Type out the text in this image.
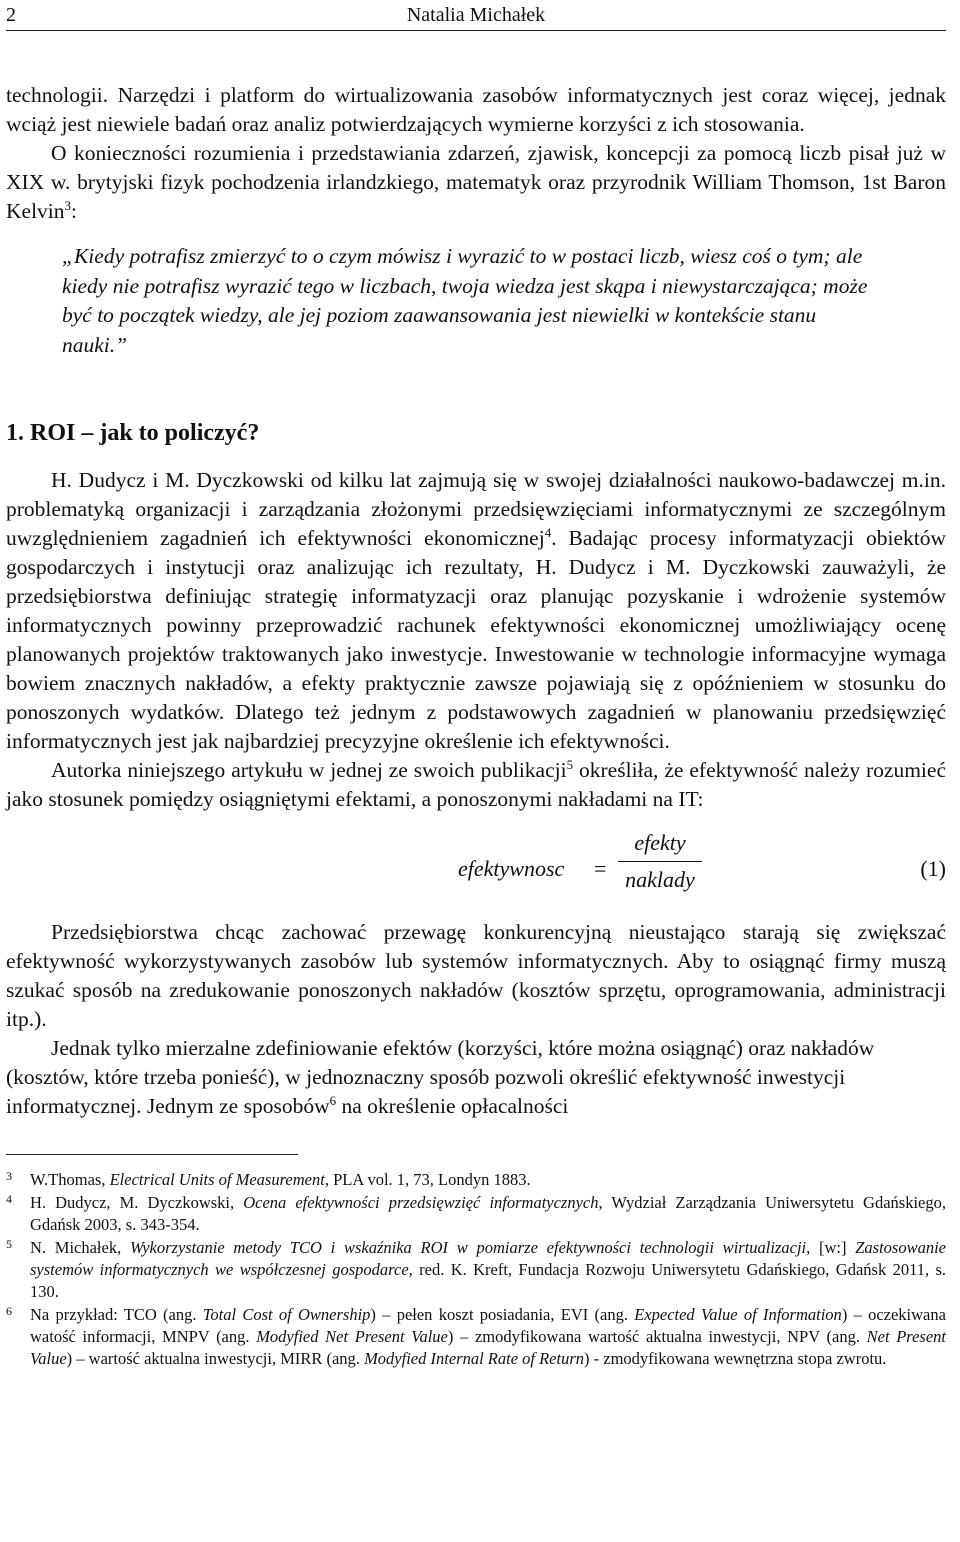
2	Natalia Michałek

technologii. Narzędzi i platform do wirtualizowania zasobów informatycznych jest coraz więcej, jednak wciąż jest niewiele badań oraz analiz potwierdzających wymierne korzyści z ich stosowania.

O konieczności rozumienia i przedstawiania zdarzeń, zjawisk, koncepcji za pomocą liczb pisał już w XIX w. brytyjski fizyk pochodzenia irlandzkiego, matematyk oraz przyrodnik William Thomson, 1st Baron Kelvin$^3$:

„Kiedy potrafisz zmierzyć to o czym mówisz i wyrazić to w postaci liczb, wiesz coś o tym; ale kiedy nie potrafisz wyrazić tego w liczbach, twoja wiedza jest skąpa i niewystarczająca; może być to początek wiedzy, ale jej poziom zaawansowania jest niewielki w kontekście stanu nauki.”

1. ROI – jak to policzyć?

H. Dudycz i M. Dyczkowski od kilku lat zajmują się w swojej działalności naukowo-badawczej m.in. problematyką organizacji i zarządzania złożonymi przedsięwzięciami informatycznymi ze szczególnym uwzględnieniem zagadnień ich efektywności ekonomicznej$^4$. Badając procesy informatyzacji obiektów gospodarczych i instytucji oraz analizując ich rezultaty, H. Dudycz i M. Dyczkowski zauważyli, że przedsiębiorstwa definiując strategię informatyzacji oraz planując pozyskanie i wdrożenie systemów informatycznych powinny przeprowadzić rachunek efektywności ekonomicznej umożliwiający ocenę planowanych projektów traktowanych jako inwestycje. Inwestowanie w technologie informacyjne wymaga bowiem znacznych nakładów, a efekty praktycznie zawsze pojawiają się z opóźnieniem w stosunku do ponoszonych wydatków. Dlatego też jednym z podstawowych zagadnień w planowaniu przedsięwzięć informatycznych jest jak najbardziej precyzyjne określenie ich efektywności.

Autorka niniejszego artykułu w jednej ze swoich publikacji$^5$ określiła, że efektywność należy rozumieć jako stosunek pomiędzy osiągniętymi efektami, a ponoszonymi nakładami na IT:

efektywnosc =
efekty
naklady	(1)

Przedsiębiorstwa chcąc zachować przewagę konkurencyjną nieustająco starają się zwiększać efektywność wykorzystywanych zasobów lub systemów informatycznych. Aby to osiągnąć firmy muszą szukać sposób na zredukowanie ponoszonych nakładów (kosztów sprzętu, oprogramowania, administracji itp.).

Jednak tylko mierzalne zdefiniowanie efektów (korzyści, które można osiągnąć) oraz nakładów (kosztów, które trzeba ponieść), w jednoznaczny sposób pozwoli określić efektywność inwestycji informatycznej. Jednym ze sposobów$^6$ na określenie opłacalności

3 W.Thomas, Electrical Units of Measurement, PLA vol. 1, 73, Londyn 1883.
4 H. Dudycz, M. Dyczkowski, Ocena efektywności przedsięwzięć informatycznych, Wydział Zarządzania Uniwersytetu Gdańskiego, Gdańsk 2003, s. 343-354.
5 N. Michałek, Wykorzystanie metody TCO i wskaźnika ROI w pomiarze efektywności technologii wirtualizacji, [w:] Zastosowanie systemów informatycznych we współczesnej gospodarce, red. K. Kreft, Fundacja Rozwoju Uniwersytetu Gdańskiego, Gdańsk 2011, s. 130.
6 Na przykład: TCO (ang. Total Cost of Ownership) – pełen koszt posiadania, EVI (ang. Expected Value of Information) – oczekiwana watość informacji, MNPV (ang. Modyfied Net Present Value) – zmodyfikowana wartość aktualna inwestycji, NPV (ang. Net Present Value) – wartość aktualna inwestycji, MIRR (ang. Modyfied Internal Rate of Return) - zmodyfikowana wewnętrzna stopa zwrotu.
